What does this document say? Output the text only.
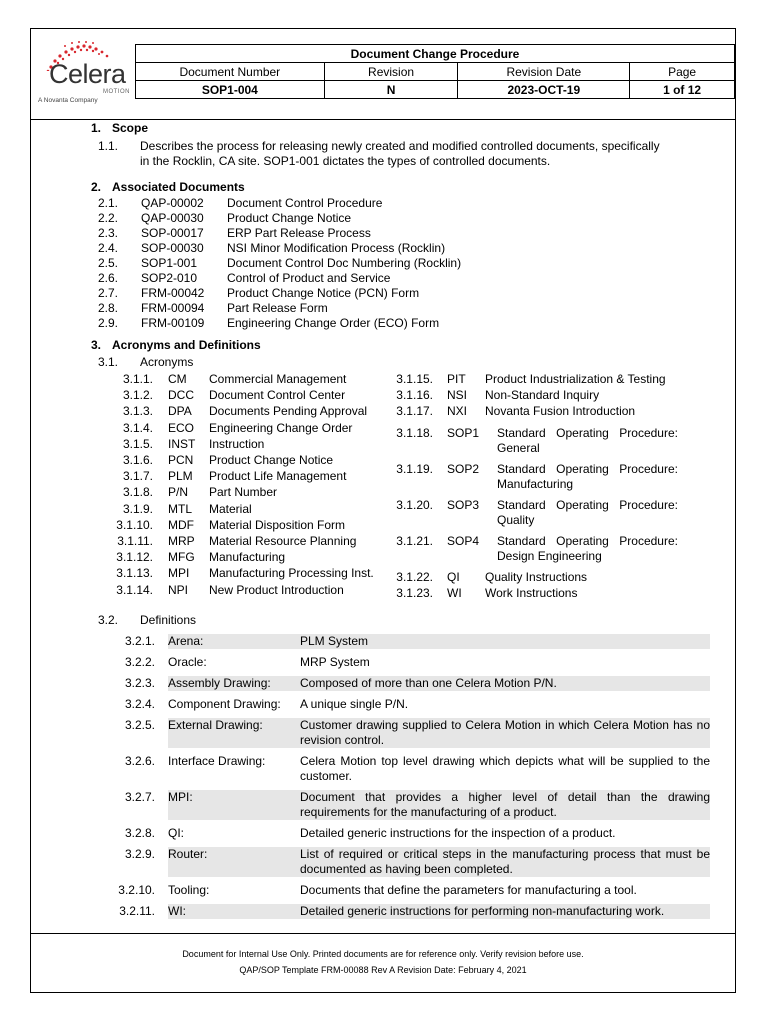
Celera
MOTION
A Novanta Company
Document Change Procedure			
Document Number	Revision	Revision Date	Page
SOP1-004	N	2023-OCT-19	1 of 12
1. Scope
1.1. Describes the process for releasing newly created and modified controlled documents, specifically
in the Rocklin, CA site. SOP1-001 dictates the types of controlled documents.
2. Associated Documents
2.1. QAP-00002 Document Control Procedure
2.2. QAP-00030 Product Change Notice
2.3. SOP-00017 ERP Part Release Process
2.4. SOP-00030 NSI Minor Modification Process (Rocklin)
2.5. SOP1-001 Document Control Doc Numbering (Rocklin)
2.6. SOP2-010 Control of Product and Service
2.7. FRM-00042 Product Change Notice (PCN) Form
2.8. FRM-00094 Part Release Form
2.9. FRM-00109 Engineering Change Order (ECO) Form
3. Acronyms and Definitions
3.1. Acronyms
3.1.1. CM Commercial Management
3.1.2. DCC Document Control Center
3.1.3. DPA Documents Pending Approval
3.1.4. ECO Engineering Change Order
3.1.5. INST Instruction
3.1.6. PCN Product Change Notice
3.1.7. PLM Product Life Management
3.1.8. P/N Part Number
3.1.9. MTL Material
3.1.10. MDF Material Disposition Form
3.1.11. MRP Material Resource Planning
3.1.12. MFG Manufacturing
3.1.13. MPI Manufacturing Processing Inst.
3.1.14. NPI New Product Introduction
3.1.15. PIT Product Industrialization & Testing
3.1.16. NSI Non-Standard Inquiry
3.1.17. NXI Novanta Fusion Introduction
3.1.18. SOP1 Standard Operating Procedure:
General
3.1.19. SOP2 Standard Operating Procedure:
Manufacturing
3.1.20. SOP3 Standard Operating Procedure:
Quality
3.1.21. SOP4 Standard Operating Procedure:
Design Engineering
3.1.22. QI Quality Instructions
3.1.23. WI Work Instructions
3.2. Definitions
3.2.1. Arena:	PLM System
3.2.2. Oracle:	MRP System
3.2.3. Assembly Drawing:	Composed of more than one Celera Motion P/N.
3.2.4. Component Drawing:	A unique single P/N.
3.2.5. External Drawing:	Customer drawing supplied to Celera Motion in which Celera Motion has no revision control.
3.2.6. Interface Drawing:	Celera Motion top level drawing which depicts what will be supplied to the customer.
3.2.7. MPI:	Document that provides a higher level of detail than the drawing requirements for the manufacturing of a product.
3.2.8. QI:	Detailed generic instructions for the inspection of a product.
3.2.9. Router:	List of required or critical steps in the manufacturing process that must be documented as having been completed.
3.2.10. Tooling:	Documents that define the parameters for manufacturing a tool.
3.2.11. WI:	Detailed generic instructions for performing non-manufacturing work.
Document for Internal Use Only. Printed documents are for reference only. Verify revision before use.
QAP/SOP Template FRM-00088 Rev A Revision Date: February 4, 2021
